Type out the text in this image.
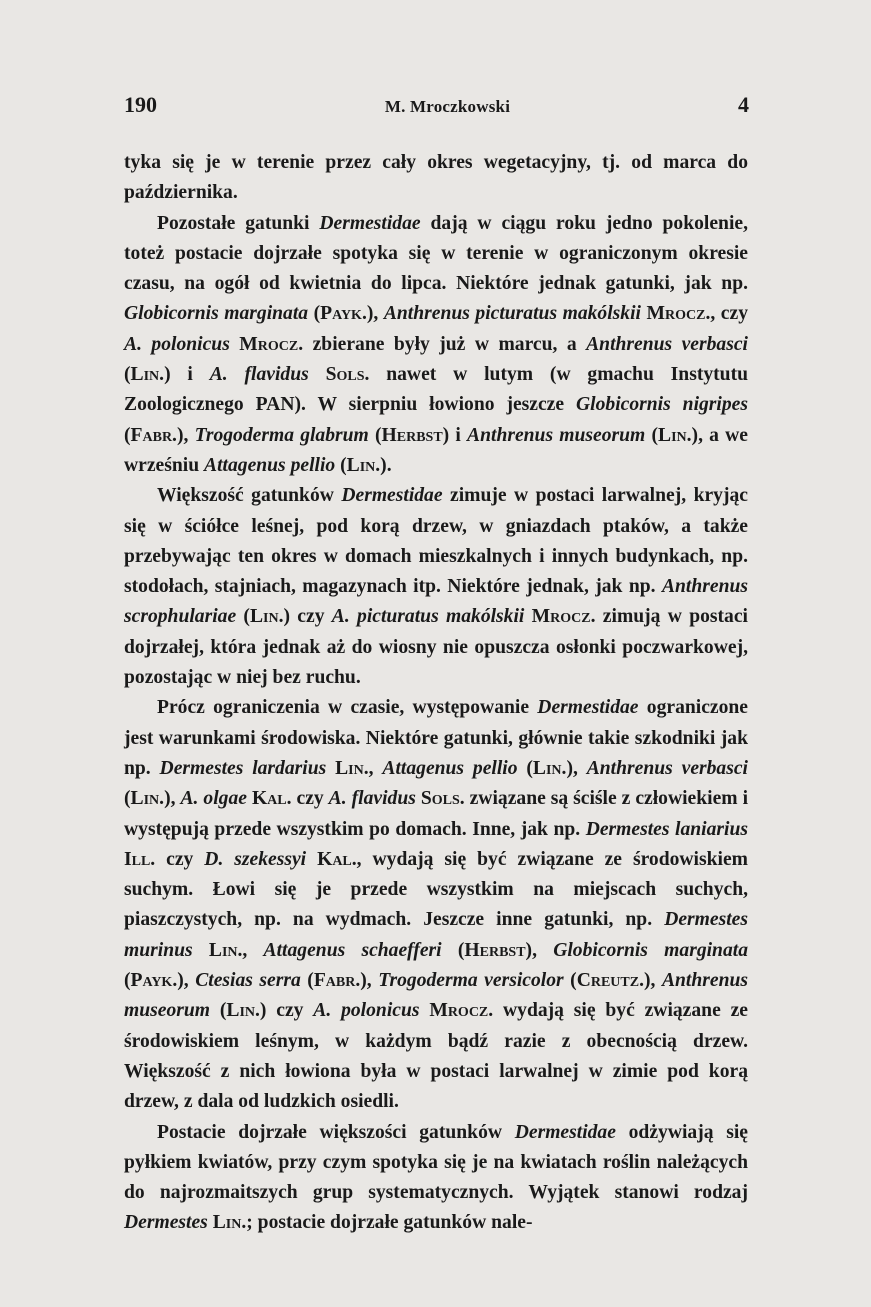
190	M. Mroczkowski	4

tyka się je w terenie przez cały okres wegetacyjny, tj. od marca do października.

Pozostałe gatunki Dermestidae dają w ciągu roku jedno pokolenie, toteż postacie dojrzałe spotyka się w terenie w ograniczonym okresie czasu, na ogół od kwietnia do lipca. Niektóre jednak gatunki, jak np. Globicornis marginata (Payk.), Anthrenus picturatus makólskii Mrocz., czy A. polonicus Mrocz. zbierane były już w marcu, a Anthrenus verbasci (Lin.) i A. flavidus Sols. nawet w lutym (w gmachu Instytutu Zoologicznego PAN). W sierpniu łowiono jeszcze Globicornis nigripes (Fabr.), Trogoderma glabrum (Herbst) i Anthrenus museorum (Lin.), a we wrześniu Attagenus pellio (Lin.).

Większość gatunków Dermestidae zimuje w postaci larwalnej, kryjąc się w ściółce leśnej, pod korą drzew, w gniazdach ptaków, a także przebywając ten okres w domach mieszkalnych i innych budynkach, np. stodołach, stajniach, magazynach itp. Niektóre jednak, jak np. Anthrenus scrophulariae (Lin.) czy A. picturatus makólskii Mrocz. zimują w postaci dojrzałej, która jednak aż do wiosny nie opuszcza osłonki poczwarkowej, pozostając w niej bez ruchu.

Prócz ograniczenia w czasie, występowanie Dermestidae ograniczone jest warunkami środowiska. Niektóre gatunki, głównie takie szkodniki jak np. Dermestes lardarius Lin., Attagenus pellio (Lin.), Anthrenus verbasci (Lin.), A. olgae Kal. czy A. flavidus Sols. związane są ściśle z człowiekiem i występują przede wszystkim po domach. Inne, jak np. Dermestes laniarius Ill. czy D. szekessyi Kal., wydają się być związane ze środowiskiem suchym. Łowi się je przede wszystkim na miejscach suchych, piaszczystych, np. na wydmach. Jeszcze inne gatunki, np. Dermestes murinus Lin., Attagenus schaefferi (Herbst), Globicornis marginata (Payk.), Ctesias serra (Fabr.), Trogoderma versicolor (Creutz.), Anthrenus museorum (Lin.) czy A. polonicus Mrocz. wydają się być związane ze środowiskiem leśnym, w każdym bądź razie z obecnością drzew. Większość z nich łowiona była w postaci larwalnej w zimie pod korą drzew, z dala od ludzkich osiedli.

Postacie dojrzałe większości gatunków Dermestidae odżywiają się pyłkiem kwiatów, przy czym spotyka się je na kwiatach roślin należących do najrozmaitszych grup systematycznych. Wyjątek stanowi rodzaj Dermestes Lin.; postacie dojrzałe gatunków nale-
